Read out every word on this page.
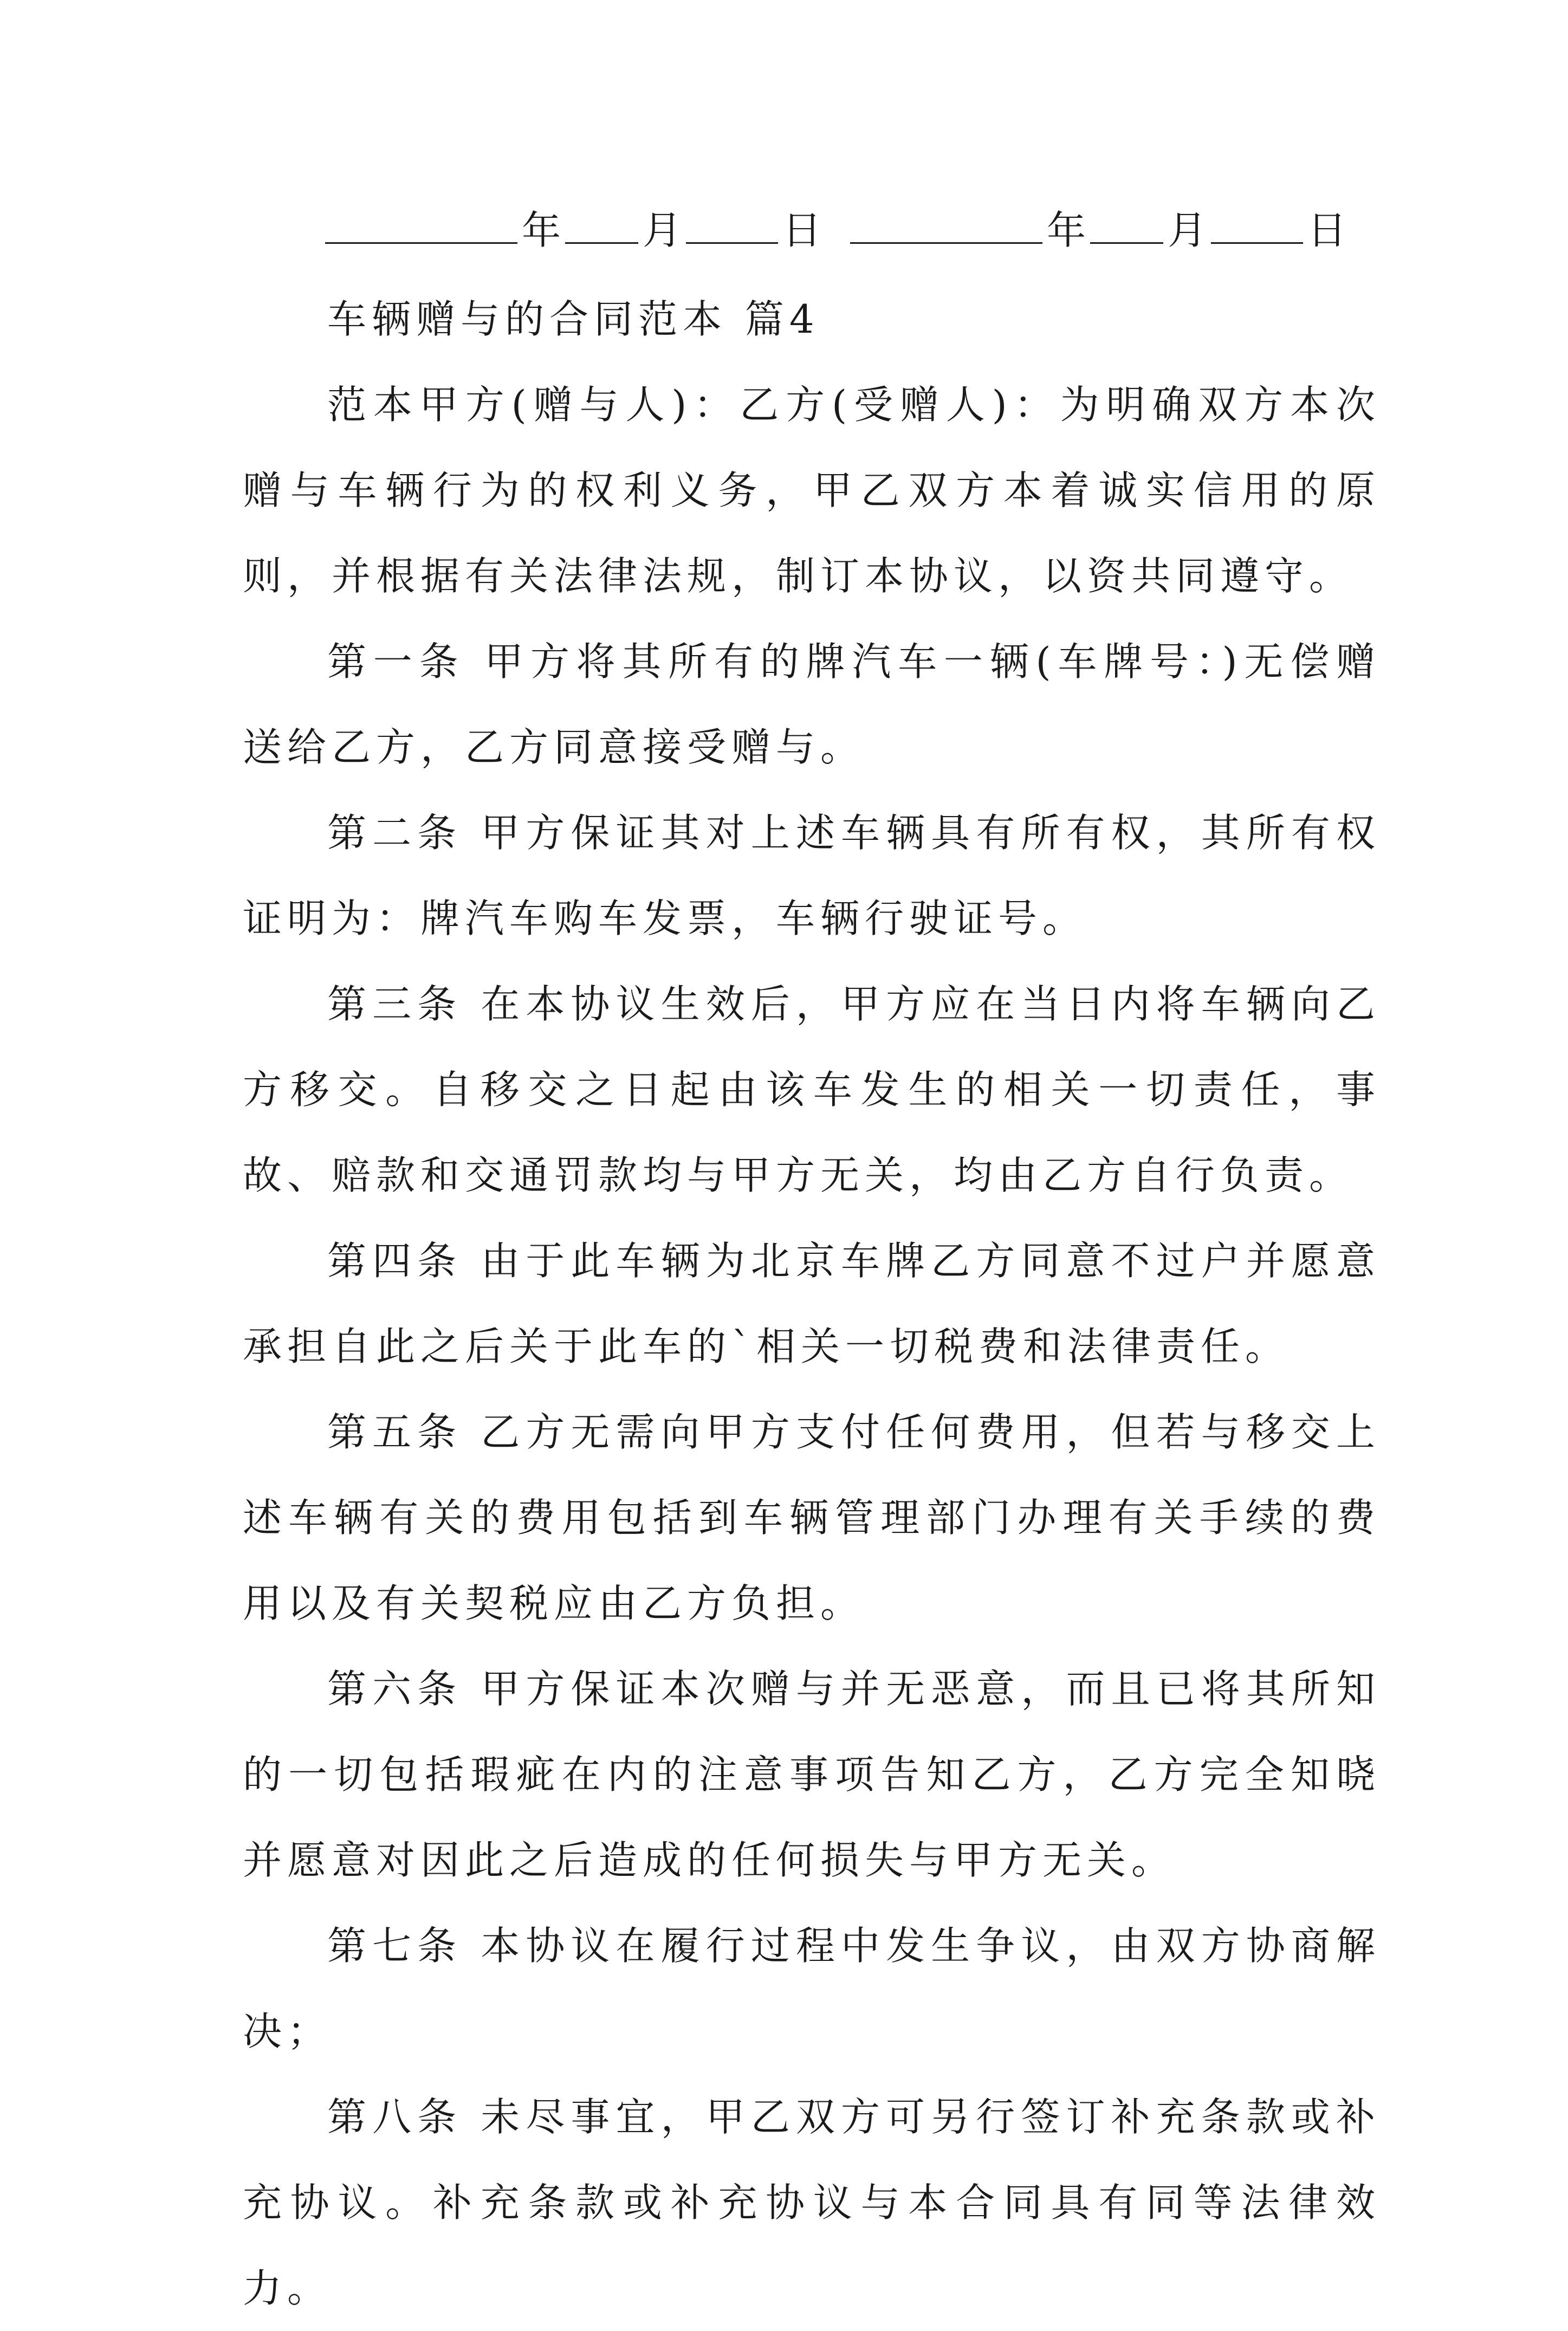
年 月	日	年 月	日

车辆赠与的合同范本 篇4

范本甲方(赠与人)：乙方(受赠人)：为明确双方本次赠与车辆行为的权利义务，甲乙双方本着诚实信用的原则，并根据有关法律法规，制订本协议，以资共同遵守。

第一条 甲方将其所有的牌汽车一辆(车牌号：)无偿赠送给乙方，乙方同意接受赠与。

第二条 甲方保证其对上述车辆具有所有权，其所有权证明为：牌汽车购车发票，车辆行驶证号。

第三条 在本协议生效后，甲方应在当日内将车辆向乙方移交。自移交之日起由该车发生的相关一切责任，事故、赔款和交通罚款均与甲方无关，均由乙方自行负责。

第四条 由于此车辆为北京车牌乙方同意不过户并愿意承担自此之后关于此车的`相关一切税费和法律责任。

第五条 乙方无需向甲方支付任何费用，但若与移交上述车辆有关的费用包括到车辆管理部门办理有关手续的费用以及有关契税应由乙方负担。

第六条 甲方保证本次赠与并无恶意，而且已将其所知的一切包括瑕疵在内的注意事项告知乙方，乙方完全知晓并愿意对因此之后造成的任何损失与甲方无关。

第七条 本协议在履行过程中发生争议，由双方协商解决；

第八条 未尽事宜，甲乙双方可另行签订补充条款或补充协议。补充条款或补充协议与本合同具有同等法律效力。
